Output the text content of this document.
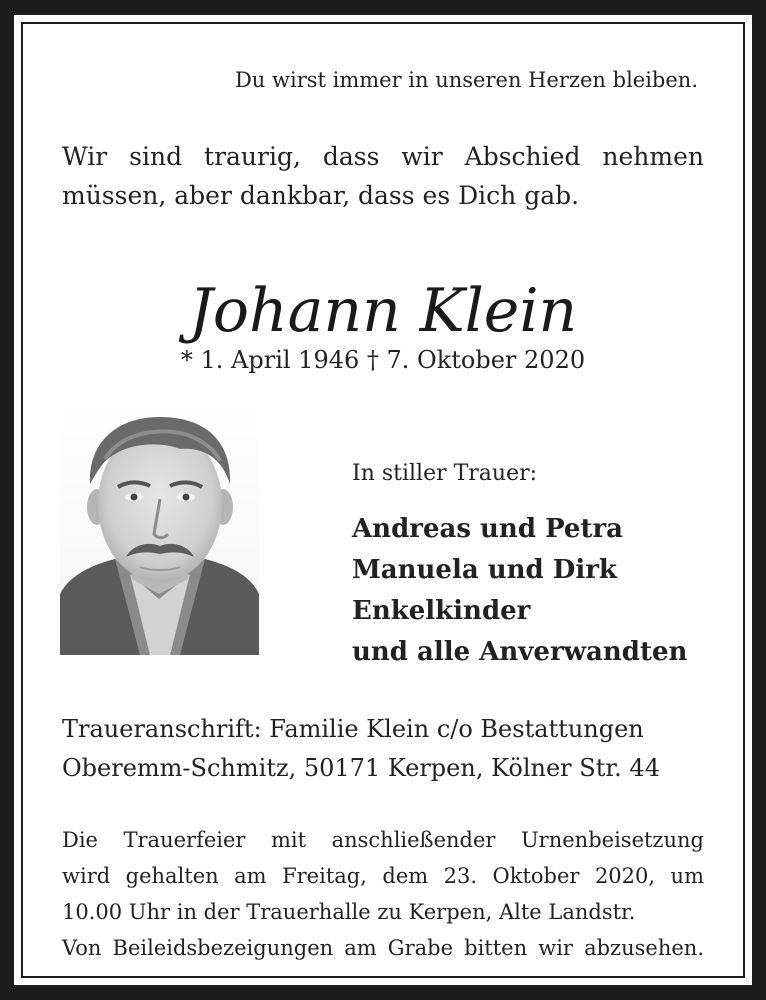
Du wirst immer in unseren Herzen bleiben.
Wir sind traurig, dass wir Abschied nehmen müssen, aber dankbar, dass es Dich gab.
Johann Klein
* 1. April 1946 † 7. Oktober 2020
In stiller Trauer:
Andreas und Petra
Manuela und Dirk
Enkelkinder
und alle Anverwandten
Traueranschrift: Familie Klein c/o Bestattungen
Oberemm-Schmitz, 50171 Kerpen, Kölner Str. 44
Die Trauerfeier mit anschließender Urnenbeisetzung
wird gehalten am Freitag, dem 23. Oktober 2020, um
10.00 Uhr in der Trauerhalle zu Kerpen, Alte Landstr.
Von Beileidsbezeigungen am Grabe bitten wir abzusehen.
